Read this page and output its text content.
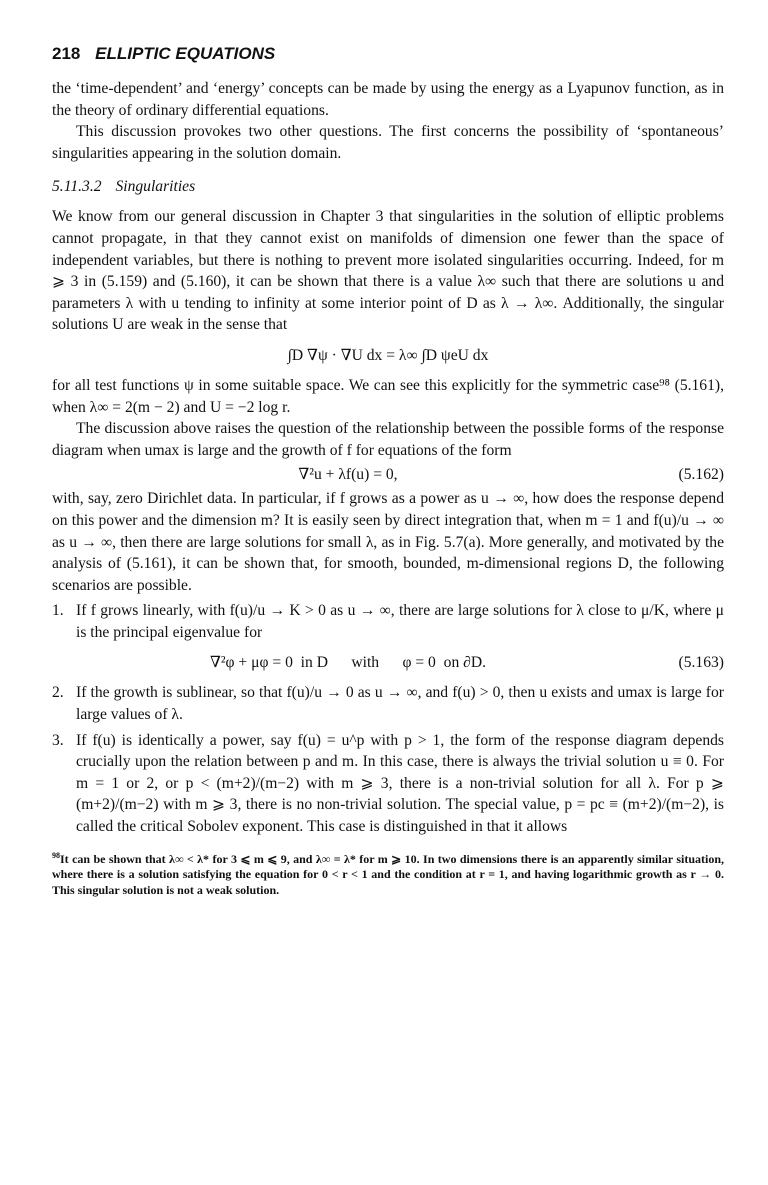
218 ELLIPTIC EQUATIONS

the ‘time-dependent’ and ‘energy’ concepts can be made by using the energy as a Lyapunov function, as in the theory of ordinary differential equations.

This discussion provokes two other questions. The first concerns the possibility of ‘spontaneous’ singularities appearing in the solution domain.

5.11.3.2 Singularities

We know from our general discussion in Chapter 3 that singularities in the solution of elliptic problems cannot propagate, in that they cannot exist on manifolds of dimension one fewer than the space of independent variables, but there is nothing to prevent more isolated singularities occurring. Indeed, for m ⩾ 3 in (5.159) and (5.160), it can be shown that there is a value λ∞ such that there are solutions u and parameters λ with u tending to infinity at some interior point of D as λ → λ∞. Additionally, the singular solutions U are weak in the sense that

∫D ∇ψ · ∇U dx = λ∞ ∫D ψeU dx

for all test functions ψ in some suitable space. We can see this explicitly for the symmetric case⁹⁸ (5.161), when λ∞ = 2(m − 2) and U = −2 log r.

The discussion above raises the question of the relationship between the possible forms of the response diagram when umax is large and the growth of f for equations of the form

∇²u + λf(u) = 0,	(5.162)

with, say, zero Dirichlet data. In particular, if f grows as a power as u → ∞, how does the response depend on this power and the dimension m? It is easily seen by direct integration that, when m = 1 and f(u)/u → ∞ as u → ∞, then there are large solutions for small λ, as in Fig. 5.7(a). More generally, and motivated by the analysis of (5.161), it can be shown that, for smooth, bounded, m-dimensional regions D, the following scenarios are possible.

1. If f grows linearly, with f(u)/u → K > 0 as u → ∞, there are large solutions for λ close to μ/K, where μ is the principal eigenvalue for
∇²φ + μφ = 0  in D      with      φ = 0  on ∂D.	(5.163)
2. If the growth is sublinear, so that f(u)/u → 0 as u → ∞, and f(u) > 0, then u exists and umax is large for large values of λ.
3. If f(u) is identically a power, say f(u) = u^p with p > 1, the form of the response diagram depends crucially upon the relation between p and m. In this case, there is always the trivial solution u ≡ 0. For m = 1 or 2, or p < (m+2)/(m−2) with m ⩾ 3, there is a non-trivial solution for all λ. For p ⩾ (m+2)/(m−2) with m ⩾ 3, there is no non-trivial solution. The special value, p = pc ≡ (m+2)/(m−2), is called the critical Sobolev exponent. This case is distinguished in that it allows
$^{98}$It can be shown that λ∞ < λ* for 3 ⩽ m ⩽ 9, and λ∞ = λ* for m ⩾ 10. In two dimensions there is an apparently similar situation, where there is a solution satisfying the equation for 0 < r < 1 and the condition at r = 1, and having logarithmic growth as r → 0. This singular solution is not a weak solution.
